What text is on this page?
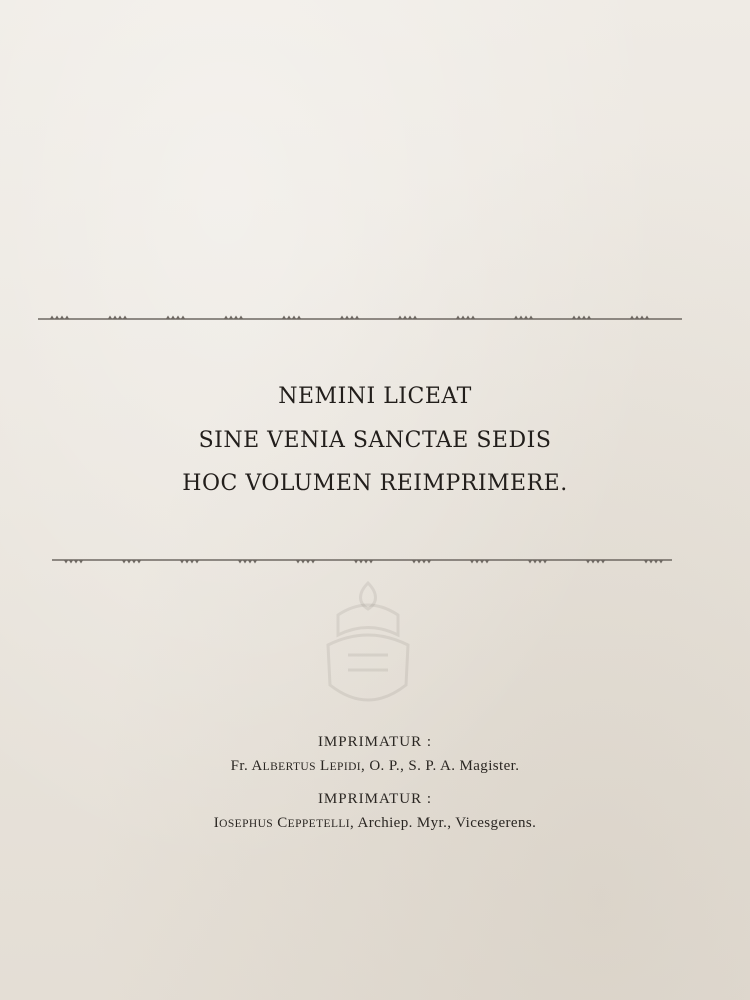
NEMINI LICEAT

SINE VENIA SANCTAE SEDIS

HOC VOLUMEN REIMPRIMERE.

IMPRIMATUR :

Fr. ALBERTUS LEPIDI, O. P., S. P. A. Magister.

IMPRIMATUR :

IOSEPHUS CEPPETELLI, Archiep. Myr., Vicesgerens.
